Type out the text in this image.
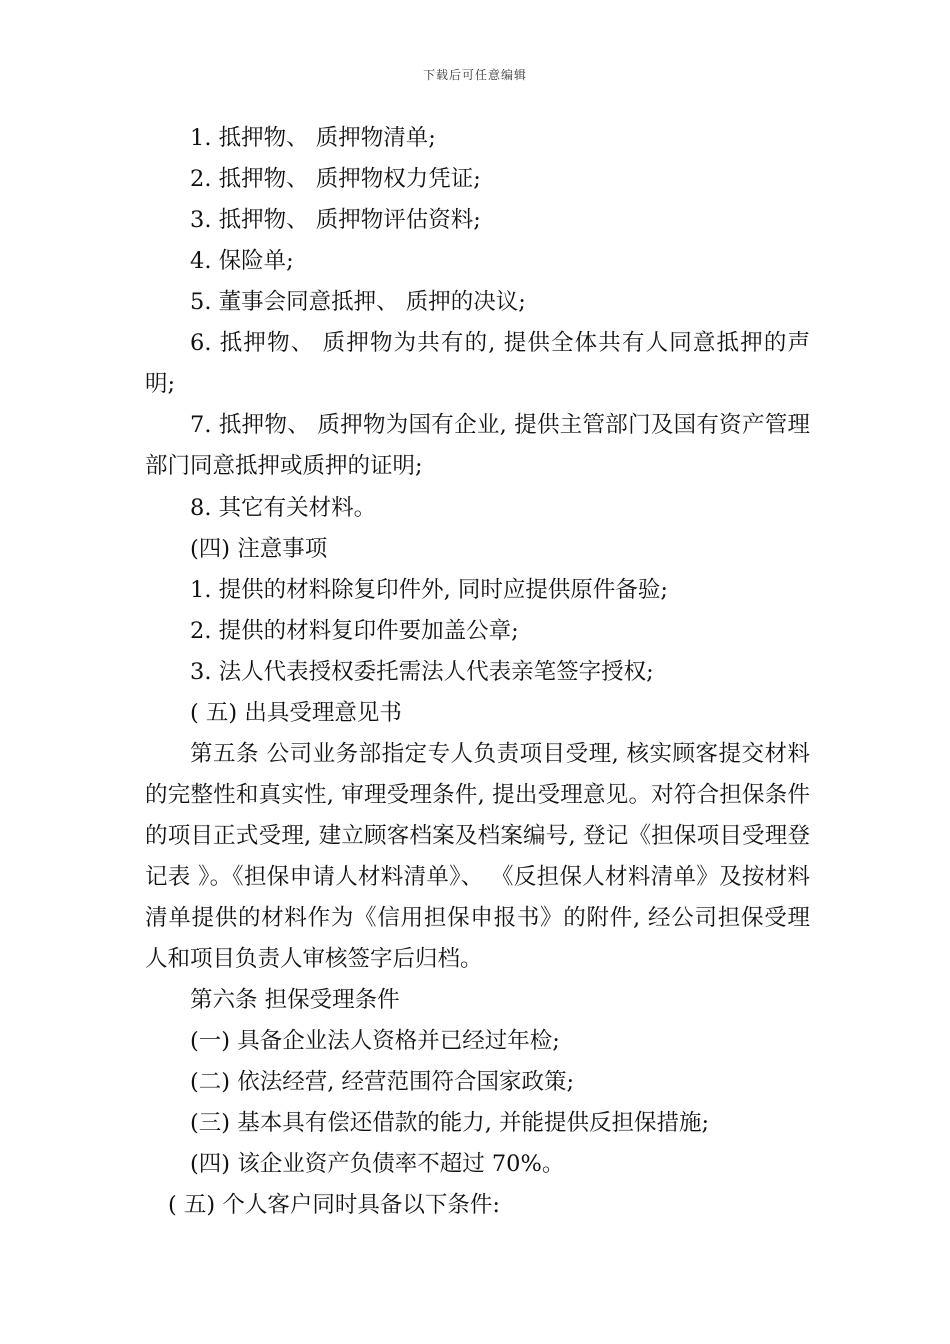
下载后可任意编辑
1. 抵押物、 质押物清单;
2. 抵押物、 质押物权力凭证;
3. 抵押物、 质押物评估资料;
4. 保险单;
5. 董事会同意抵押、 质押的决议;
6. 抵押物、 质押物为共有的, 提供全体共有人同意抵押的声明;
7. 抵押物、 质押物为国有企业, 提供主管部门及国有资产管理部门同意抵押或质押的证明;
8. 其它有关材料。
(四) 注意事项
1. 提供的材料除复印件外, 同时应提供原件备验;
2. 提供的材料复印件要加盖公章;
3. 法人代表授权委托需法人代表亲笔签字授权;
( 五) 出具受理意见书
第五条 公司业务部指定专人负责项目受理, 核实顾客提交材料的完整性和真实性, 审理受理条件, 提出受理意见。对符合担保条件的项目正式受理, 建立顾客档案及档案编号, 登记《担保项目受理登记表 》。《担保申请人材料清单》、 《反担保人材料清单》及按材料清单提供的材料作为《信用担保申报书》的附件, 经公司担保受理人和项目负责人审核签字后归档。
第六条 担保受理条件
(一) 具备企业法人资格并已经过年检;
(二) 依法经营, 经营范围符合国家政策;
(三) 基本具有偿还借款的能力, 并能提供反担保措施;
(四) 该企业资产负债率不超过 70%。
( 五) 个人客户同时具备以下条件:
